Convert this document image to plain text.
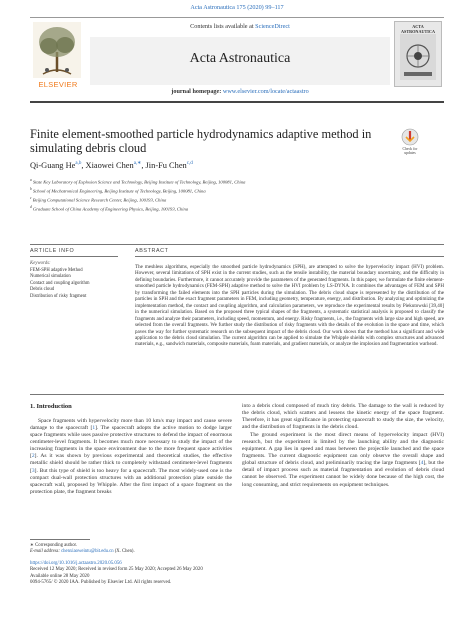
Acta Astronautica 175 (2020) 99–117
ELSEVIER
Contents lists available at ScienceDirect
Acta Astronautica
journal homepage: www.elsevier.com/locate/actaastro
ACTA ASTRONAUTICA
Finite element-smoothed particle hydrodynamics adaptive method in
simulating debris cloud	Check for updates
Qi-Guang He$^{a,b}$, Xiaowei Chen$^{a,∗}$, Jin-Fu Chen$^{c,d}$
$^a$ State Key Laboratory of Explosion Science and Technology, Beijing Institute of Technology, Beijing, 100081, China
$^b$ School of Mechatronical Engineering, Beijing Institute of Technology, Beijing, 100081, China
$^c$ Beijing Computational Science Research Center, Beijing, 100193, China
$^d$ Graduate School of China Academy of Engineering Physics, Beijing, 100193, China
ARTICLE INFO
Keywords:
FEM-SPH adaptive Method
Numerical simulation
Contact and coupling algorithm
Debris cloud
Distribution of risky fragment
ABSTRACT
The meshless algorithms, especially the smoothed particle hydrodynamics (SPH), are attempted to solve the hypervelocity impact (HVI) problem. However, several limitations of SPH exist in the current studies, such as the tensile instability, the material boundary uncertainty, and the difficulty in defining boundaries. Furthermore, it cannot accurately provide the parameters of the generated fragments. In this paper, we formulate the finite element-smoothed particle hydrodynamics (FEM-SPH) adaptive method to solve the HVI problem by LS-DYNA. It combines the advantages of FEM and SPH by transforming the failed elements into the SPH particles during the simulation. The debris cloud shape is represented by the distribution of the particles in SPH and the exact fragment parameters in FEM, including geometry, temperature, energy, and distribution. By analyzing and optimizing the implementation method, the contact and coupling algorithm, and calculation parameters, we reproduce the experimental results by Piekutowski [39,40] in the numerical simulation. Based on the proposed three typical shapes of the fragments, a systematic statistical analysis is proposed to classify the fragments and analyze their parameters, including speed, momentum, and energy. Risky fragments, i.e., the fragments with large size and high speed, are selected from the overall fragments. We further study the distribution of risky fragments with the details of the evolution in the space and time, which paves the way for further systematic research on the subsequent impact of the debris cloud. Our work shows that the method has a significant and wide application to the debris cloud simulation. The current algorithm can be applied to simulate the Whipple shields with complex structures and advanced materials, e.g., sandwich materials, composite materials, foam materials, and gradient materials, or analyze the implosion and fragmentation warhead.
1. Introduction
Space fragments with hypervelocity more than 10 km/s may impact and cause severe damage to the spacecraft [1]. The spacecraft adopts the active motion to dodge larger space fragments while uses passive protective structures to defend the impact of enormous centimeter-level fragments. It becomes much more necessary to study the impact of the increasing fragments in the space environment due to the more frequent space activities [2]. As it was shown by previous experimental and theoretical studies, the effective metallic shield should be rather thick to completely withstand centimeter-level fragments [3]. But this type of shield is too heavy for a spacecraft. The most widely-used one is the compact dual-wall protection structures with an additional protection plate outside the spacecraft wall, proposed by Whipple. After the first impact of a space fragment on the protection plate, the fragment breaks
into a debris cloud composed of much tiny debris. The damage to the wall is reduced by the debris cloud, which scatters and lessens the kinetic energy of the space fragment. Therefore, it has great significance in protecting spacecraft to study the size, the velocity, and the distribution of fragments in the debris cloud.
The ground experiment is the most direct means of hypervelocity impact (HVI) research, but the experiment is limited by the launching ability and the diagnostic equipment. A gap lies in speed and mass between the projectile launched and the space fragments. The current diagnostic equipment can only observe the overall shape and global structure of debris cloud, and preliminarily tracing the large fragments [4], but the detail of impact process such as material fragmentation and evolution of debris cloud cannot be observed. The experiment cannot be widely done because of the high cost, the long consuming, and strict requirements on equipment techniques.
∗ Corresponding author.
E-mail address: chenxiaoweintu@bit.edu.cn (X. Chen).
https://doi.org/10.1016/j.actaastro.2020.05.056
Received 12 May 2020; Received in revised form 25 May 2020; Accepted 26 May 2020
Available online 28 May 2020
0094-5765/ © 2020 IAA. Published by Elsevier Ltd. All rights reserved.
